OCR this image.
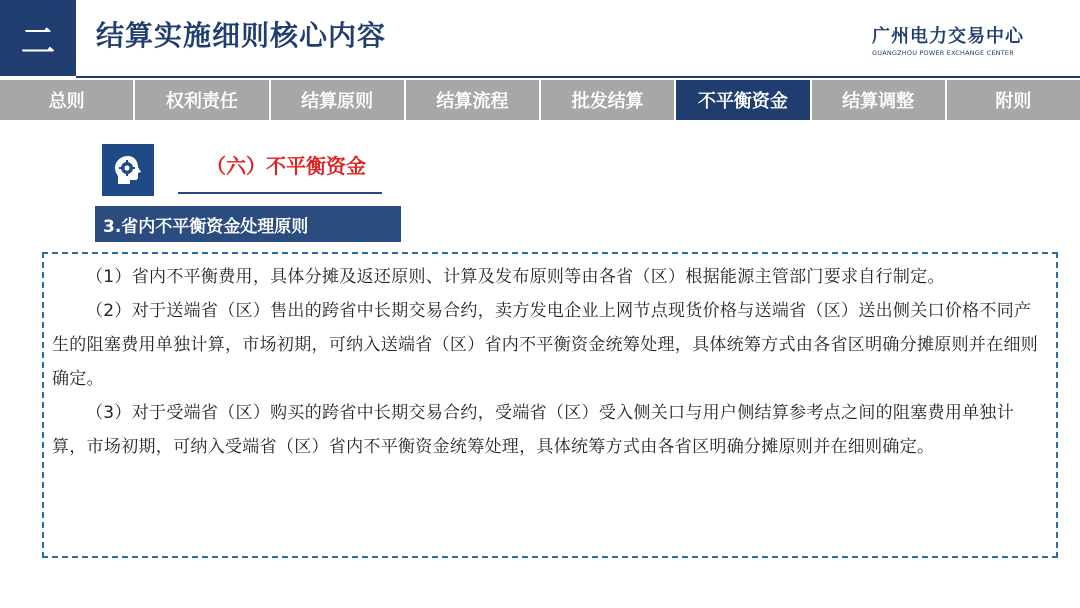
二	结算实施细则核心内容	广州电力交易中心
GUANGZHOU POWER EXCHANGE CENTER
总则	权利责任	结算原则	结算流程	批发结算	不平衡资金	结算调整	附则
（六）不平衡资金
3.省内不平衡资金处理原则

（1）省内不平衡费用，具体分摊及返还原则、计算及发布原则等由各省（区）根据能源主管部门要求自行制定。

（2）对于送端省（区）售出的跨省中长期交易合约，卖方发电企业上网节点现货价格与送端省（区）送出侧关口价格不同产生的阻塞费用单独计算，市场初期，可纳入送端省（区）省内不平衡资金统筹处理，具体统筹方式由各省区明确分摊原则并在细则确定。

（3）对于受端省（区）购买的跨省中长期交易合约，受端省（区）受入侧关口与用户侧结算参考点之间的阻塞费用单独计算，市场初期，可纳入受端省（区）省内不平衡资金统筹处理，具体统筹方式由各省区明确分摊原则并在细则确定。
